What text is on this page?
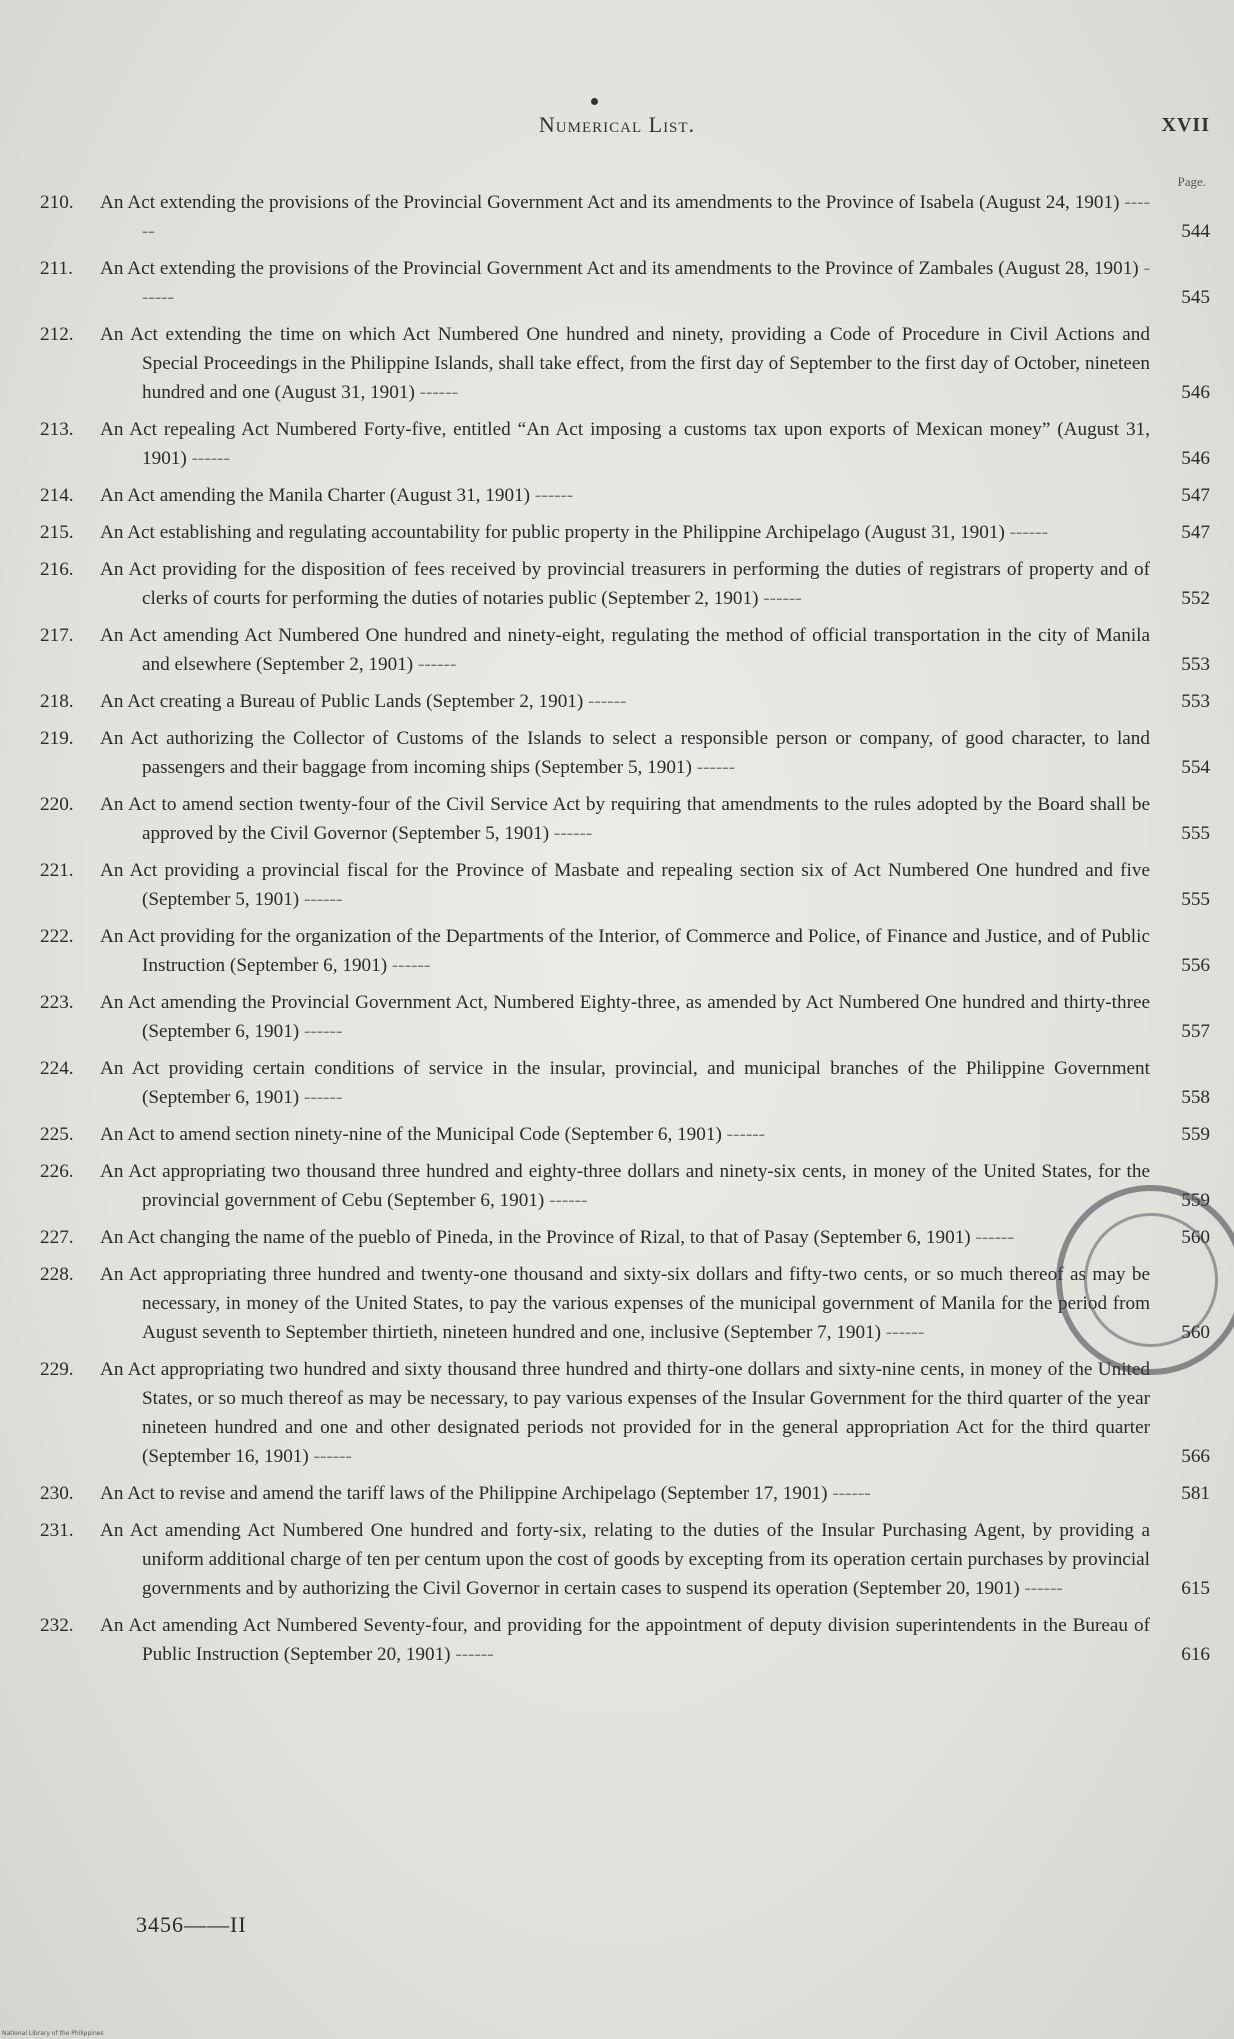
Numerical List.	XVII
Page.
210.	An Act extending the provisions of the Provincial Government Act and its amendments to the Province of Isabela (August 24, 1901) ------	544
211.	An Act extending the provisions of the Provincial Government Act and its amendments to the Province of Zambales (August 28, 1901) ------	545
212.	An Act extending the time on which Act Numbered One hundred and ninety, providing a Code of Procedure in Civil Actions and Special Proceedings in the Philippine Islands, shall take effect, from the first day of September to the first day of October, nineteen hundred and one (August 31, 1901) ------	546
213.	An Act repealing Act Numbered Forty-five, entitled “An Act imposing a customs tax upon exports of Mexican money” (August 31, 1901) ------	546
214.	An Act amending the Manila Charter (August 31, 1901) ------	547
215.	An Act establishing and regulating accountability for public property in the Philippine Archipelago (August 31, 1901) ------	547
216.	An Act providing for the disposition of fees received by provincial treasurers in performing the duties of registrars of property and of clerks of courts for performing the duties of notaries public (September 2, 1901) ------	552
217.	An Act amending Act Numbered One hundred and ninety-eight, regulating the method of official transportation in the city of Manila and elsewhere (September 2, 1901) ------	553
218.	An Act creating a Bureau of Public Lands (September 2, 1901) ------	553
219.	An Act authorizing the Collector of Customs of the Islands to select a responsible person or company, of good character, to land passengers and their baggage from incoming ships (September 5, 1901) ------	554
220.	An Act to amend section twenty-four of the Civil Service Act by requiring that amendments to the rules adopted by the Board shall be approved by the Civil Governor (September 5, 1901) ------	555
221.	An Act providing a provincial fiscal for the Province of Masbate and repealing section six of Act Numbered One hundred and five (September 5, 1901) ------	555
222.	An Act providing for the organization of the Departments of the Interior, of Commerce and Police, of Finance and Justice, and of Public Instruction (September 6, 1901) ------	556
223.	An Act amending the Provincial Government Act, Numbered Eighty-three, as amended by Act Numbered One hundred and thirty-three (September 6, 1901) ------	557
224.	An Act providing certain conditions of service in the insular, provincial, and municipal branches of the Philippine Government (September 6, 1901) ------	558
225.	An Act to amend section ninety-nine of the Municipal Code (September 6, 1901) ------	559
226.	An Act appropriating two thousand three hundred and eighty-three dollars and ninety-six cents, in money of the United States, for the provincial government of Cebu (September 6, 1901) ------	559
227.	An Act changing the name of the pueblo of Pineda, in the Province of Rizal, to that of Pasay (September 6, 1901) ------	560
228.	An Act appropriating three hundred and twenty-one thousand and sixty-six dollars and fifty-two cents, or so much thereof as may be necessary, in money of the United States, to pay the various expenses of the municipal government of Manila for the period from August seventh to September thirtieth, nineteen hundred and one, inclusive (September 7, 1901) ------	560
229.	An Act appropriating two hundred and sixty thousand three hundred and thirty-one dollars and sixty-nine cents, in money of the United States, or so much thereof as may be necessary, to pay various expenses of the Insular Government for the third quarter of the year nineteen hundred and one and other designated periods not provided for in the general appropriation Act for the third quarter (September 16, 1901) ------	566
230.	An Act to revise and amend the tariff laws of the Philippine Archipelago (September 17, 1901) ------	581
231.	An Act amending Act Numbered One hundred and forty-six, relating to the duties of the Insular Purchasing Agent, by providing a uniform additional charge of ten per centum upon the cost of goods by excepting from its operation certain purchases by provincial governments and by authorizing the Civil Governor in certain cases to suspend its operation (September 20, 1901) ------	615
232.	An Act amending Act Numbered Seventy-four, and providing for the appointment of deputy division superintendents in the Bureau of Public Instruction (September 20, 1901) ------	616
3456——II
National Library of the Philippines
